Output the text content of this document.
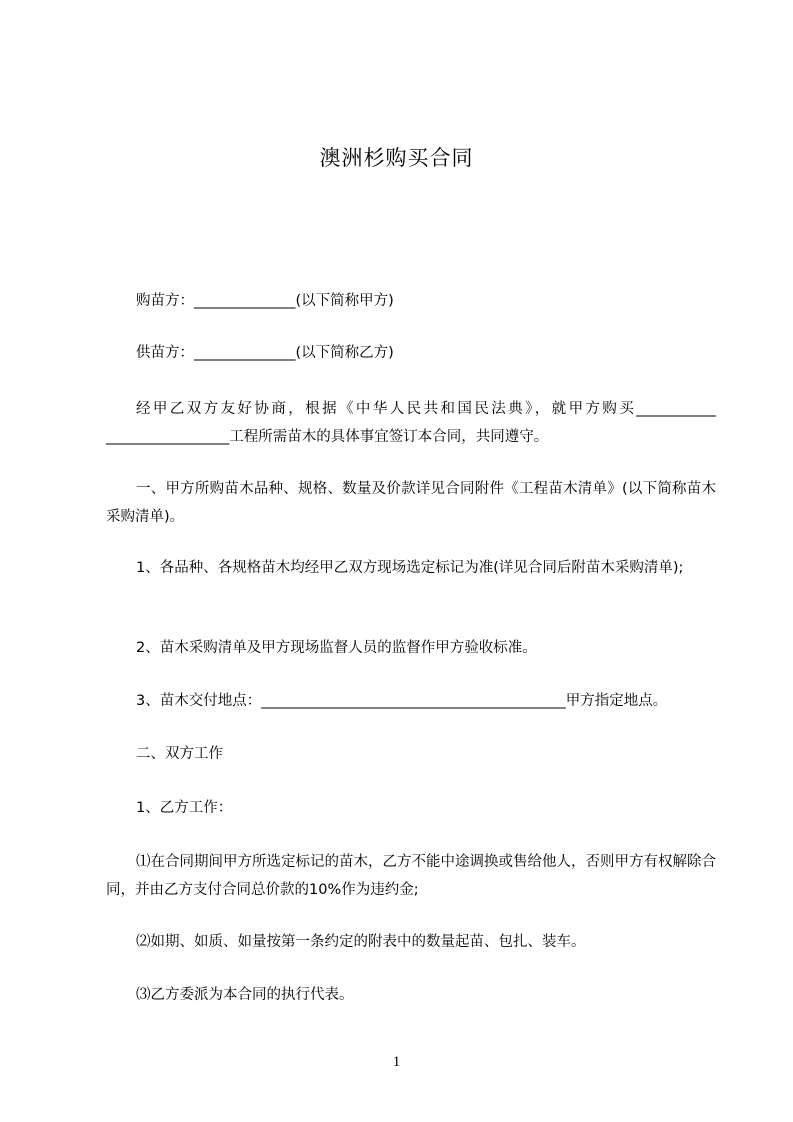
澳洲杉购买合同
购苗方：______________(以下简称甲方)
供苗方：______________(以下简称乙方)
经甲乙双方友好协商，根据《中华人民共和国民法典》，就甲方购买___________ _________________工程所需苗木的具体事宜签订本合同，共同遵守。
一、甲方所购苗木品种、规格、数量及价款详见合同附件《工程苗木清单》(以下简称苗木采购清单)。
1、各品种、各规格苗木均经甲乙双方现场选定标记为准(详见合同后附苗木采购清单);
2、苗木采购清单及甲方现场监督人员的监督作甲方验收标准。
3、苗木交付地点：__________________________________________甲方指定地点。
二、双方工作
1、乙方工作：
⑴在合同期间甲方所选定标记的苗木，乙方不能中途调换或售给他人，否则甲方有权解除合同，并由乙方支付合同总价款的10%作为违约金;
⑵如期、如质、如量按第一条约定的附表中的数量起苗、包扎、装车。
⑶乙方委派为本合同的执行代表。
1
